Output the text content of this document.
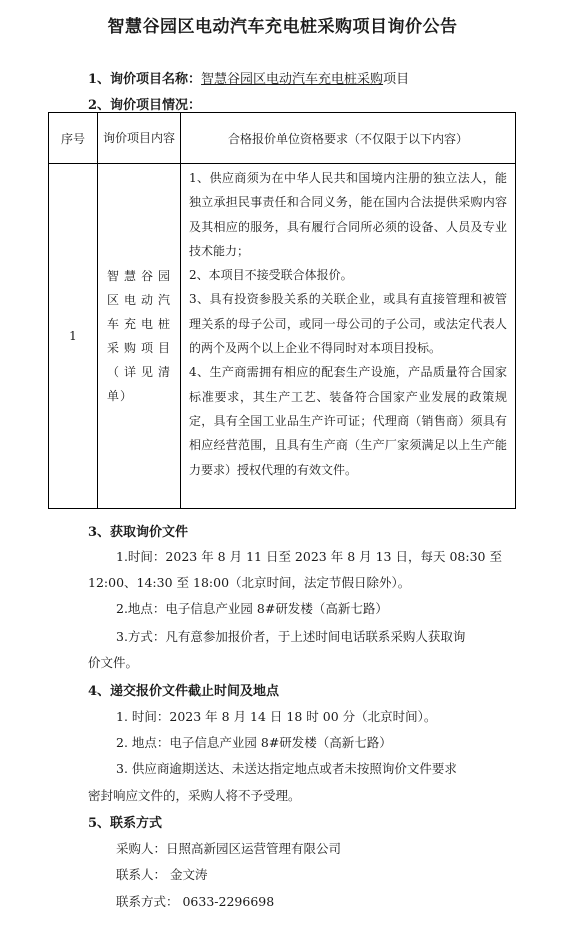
智慧谷园区电动汽车充电桩采购项目询价公告
1、询价项目名称：智慧谷园区电动汽车充电桩采购项目
2、询价项目情况：
序号	询价项目内容	合格报价单位资格要求（不仅限于以下内容）
1	智慧谷园区电动汽车充电桩采购项目（详见清单）	1、供应商须为在中华人民共和国境内注册的独立法人，能独立承担民事责任和合同义务，能在国内合法提供采购内容及其相应的服务，具有履行合同所必须的设备、人员及专业技术能力；
2、本项目不接受联合体报价。
3、具有投资参股关系的关联企业，或具有直接管理和被管理关系的母子公司，或同一母公司的子公司，或法定代表人的两个及两个以上企业不得同时对本项目投标。
4、生产商需拥有相应的配套生产设施，产品质量符合国家标准要求，其生产工艺、装备符合国家产业发展的政策规定，具有全国工业品生产许可证；代理商（销售商）须具有相应经营范围，且具有生产商（生产厂家须满足以上生产能力要求）授权代理的有效文件。
3、获取询价文件
1.时间：2023 年 8 月 11 日至 2023 年 8 月 13 日，每天 08:30 至
12:00、14:30 至 18:00（北京时间，法定节假日除外）。
2.地点：电子信息产业园 8#研发楼（高新七路）
3.方式：凡有意参加报价者，于上述时间电话联系采购人获取询
价文件。
4、递交报价文件截止时间及地点
1. 时间：2023 年 8 月 14 日 18 时 00 分（北京时间）。
2. 地点：电子信息产业园 8#研发楼（高新七路）
3. 供应商逾期送达、未送达指定地点或者未按照询价文件要求
密封响应文件的，采购人将不予受理。
5、联系方式
采购人：日照高新园区运营管理有限公司
联系人： 金文涛
联系方式： 0633-2296698
